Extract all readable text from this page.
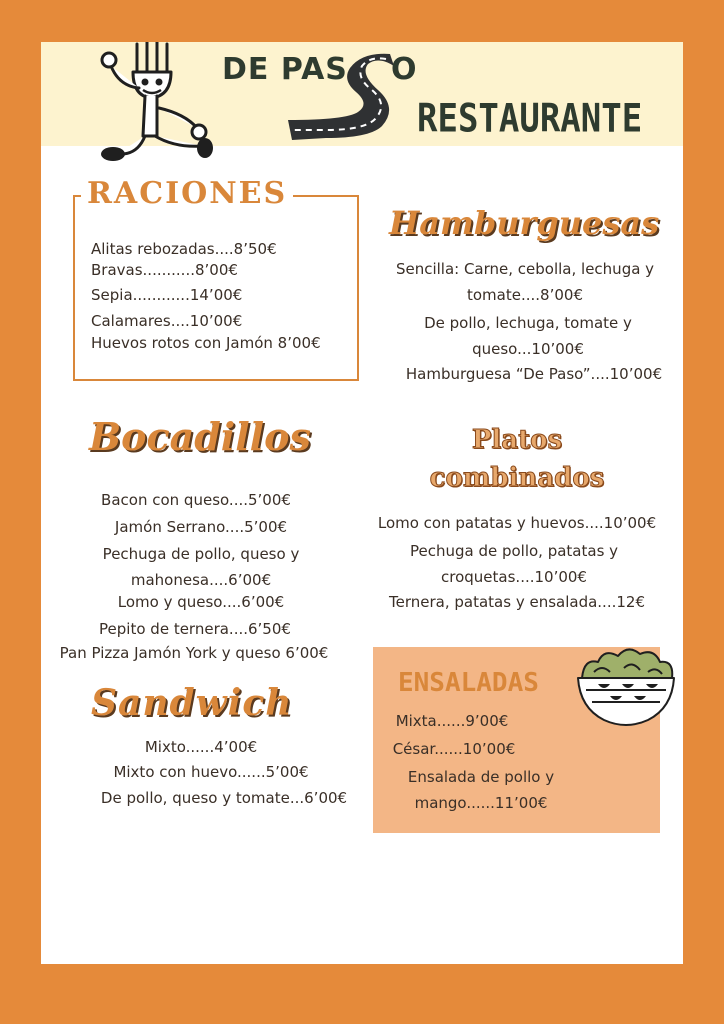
DE PAS O
RESTAURANTE
RACIONES
Alitas rebozadas....8’50€
Bravas...........8’00€
Sepia............14’00€
Calamares....10’00€
Huevos rotos con Jamón 8’00€
Hamburguesas
Sencilla: Carne, cebolla, lechuga y
tomate....8’00€
De pollo, lechuga, tomate y
queso...10’00€
Hamburguesa “De Paso”....10’00€
Bocadillos
Bacon con queso....5’00€
Jamón Serrano....5’00€
Pechuga de pollo, queso y
mahonesa....6’00€
Lomo y queso....6’00€
Pepito de ternera....6’50€
Pan Pizza Jamón York y queso 6’00€
Platos
combinados
Lomo con patatas y huevos....10’00€
Pechuga de pollo, patatas y
croquetas....10’00€
Ternera, patatas y ensalada....12€
Sandwich
Mixto......4’00€
Mixto con huevo......5’00€
De pollo, queso y tomate...6’00€
ENSALADAS
Mixta......9’00€
César......10’00€
Ensalada de pollo y
mango......11’00€
